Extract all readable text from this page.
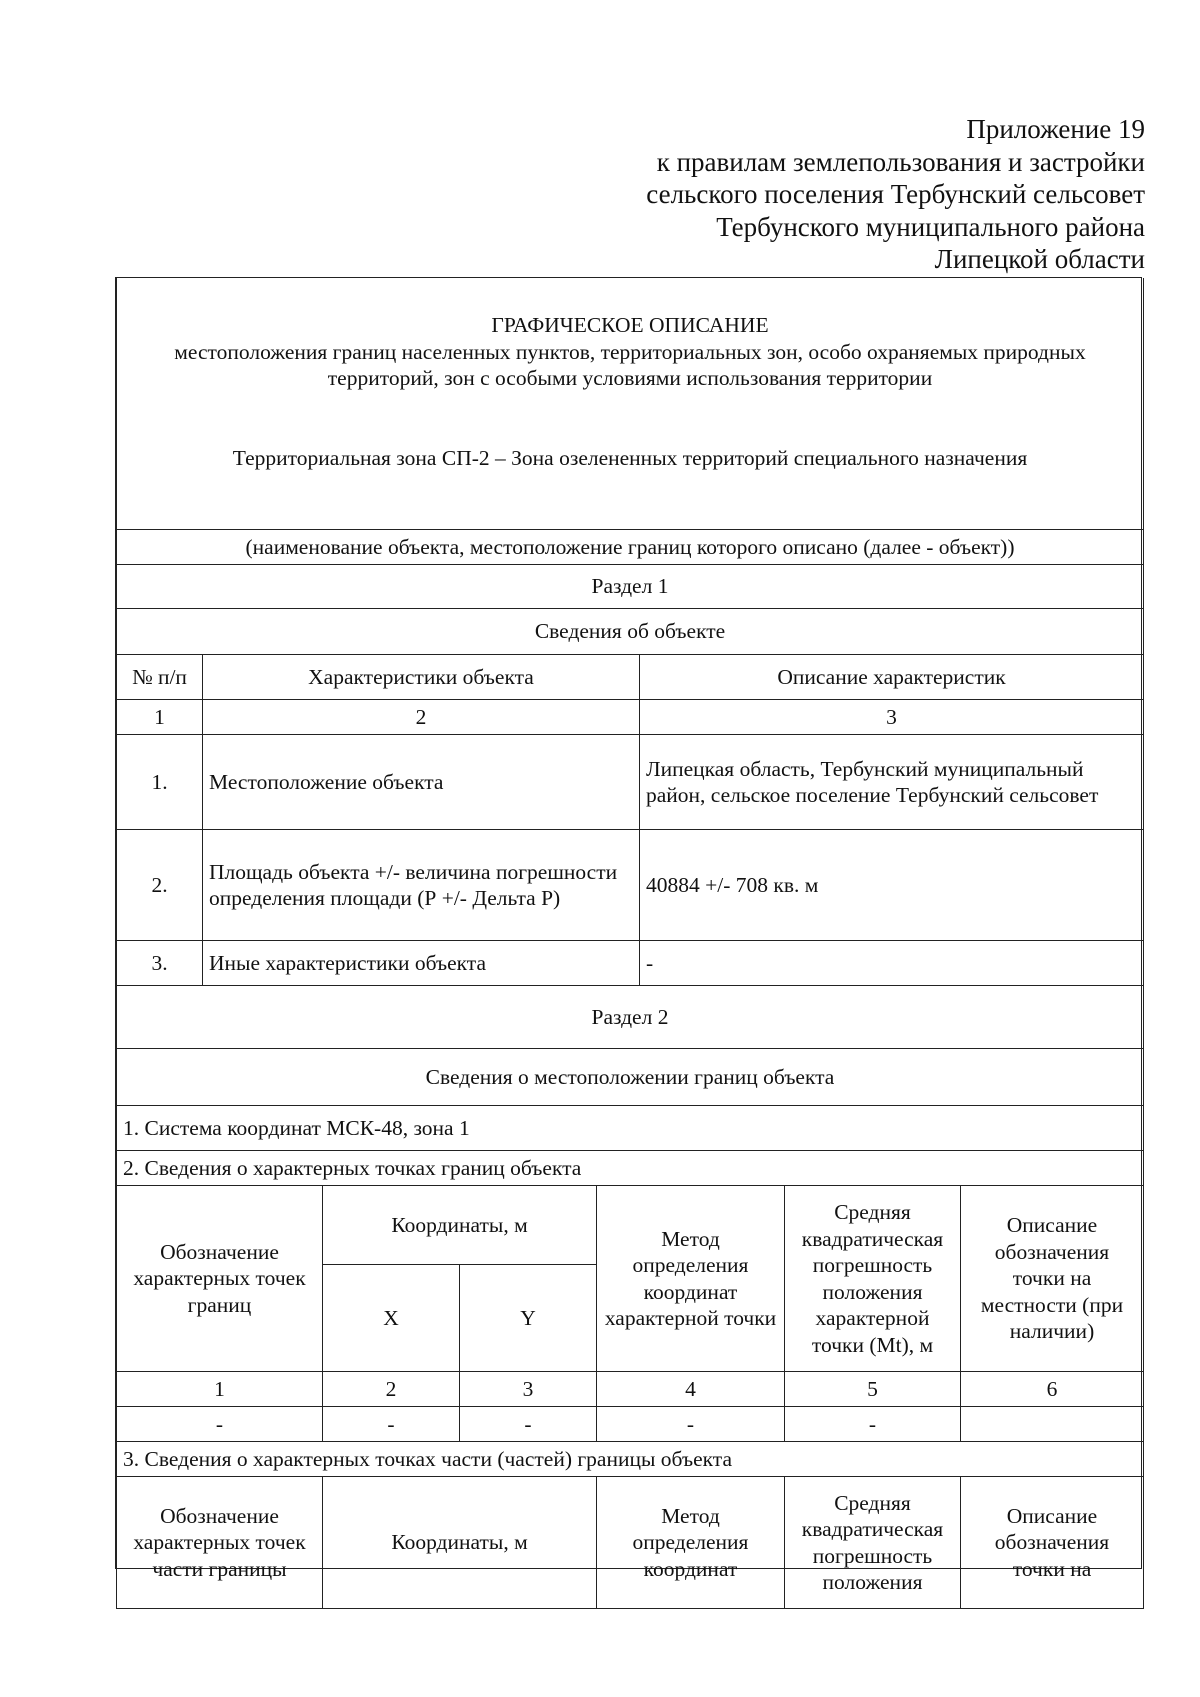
Приложение 19
к правилам землепользования и застройки
сельского поселения Тербунский сельсовет
Тербунского муниципального района
Липецкой области

ГРАФИЧЕСКОЕ ОПИСАНИЕ
местоположения границ населенных пунктов, территориальных зон, особо охраняемых природных территорий, зон с особыми условиями использования территории
Территориальная зона СП-2 – Зона озелененных территорий специального назначения							

(наименование объекта, местоположение границ которого описано (далее - объект))							
Раздел 1							
Сведения об объекте							
№ п/п	Характеристики объекта				Описание характеристик		
1	2				3		
1.	Местоположение объекта				Липецкая область, Тербунский муниципальный район, сельское поселение Тербунский сельсовет		
2.	Площадь объекта +/- величина погрешности определения площади (Р +/- Дельта Р)				40884 +/- 708 кв. м		
3.	Иные характеристики объекта				-		
Раздел 2							
Сведения о местоположении границ объекта							
1. Система координат МСК-48, зона 1							
2. Сведения о характерных точках границ объекта							
Обозначение характерных точек границ		Координаты, м		Метод определения координат характерной точки		Средняя квадратическая погрешность положения характерной точки (Mt), м	Описание обозначения точки на местности (при наличии)
		X	Y				
1		2	3	4		5	6
-		-	-	-		-	
3. Сведения о характерных точках части (частей) границы объекта							
Обозначение характерных точек части границы		Координаты, м		Метод определения координат		Средняя квадратическая погрешность положения	Описание обозначения точки на
